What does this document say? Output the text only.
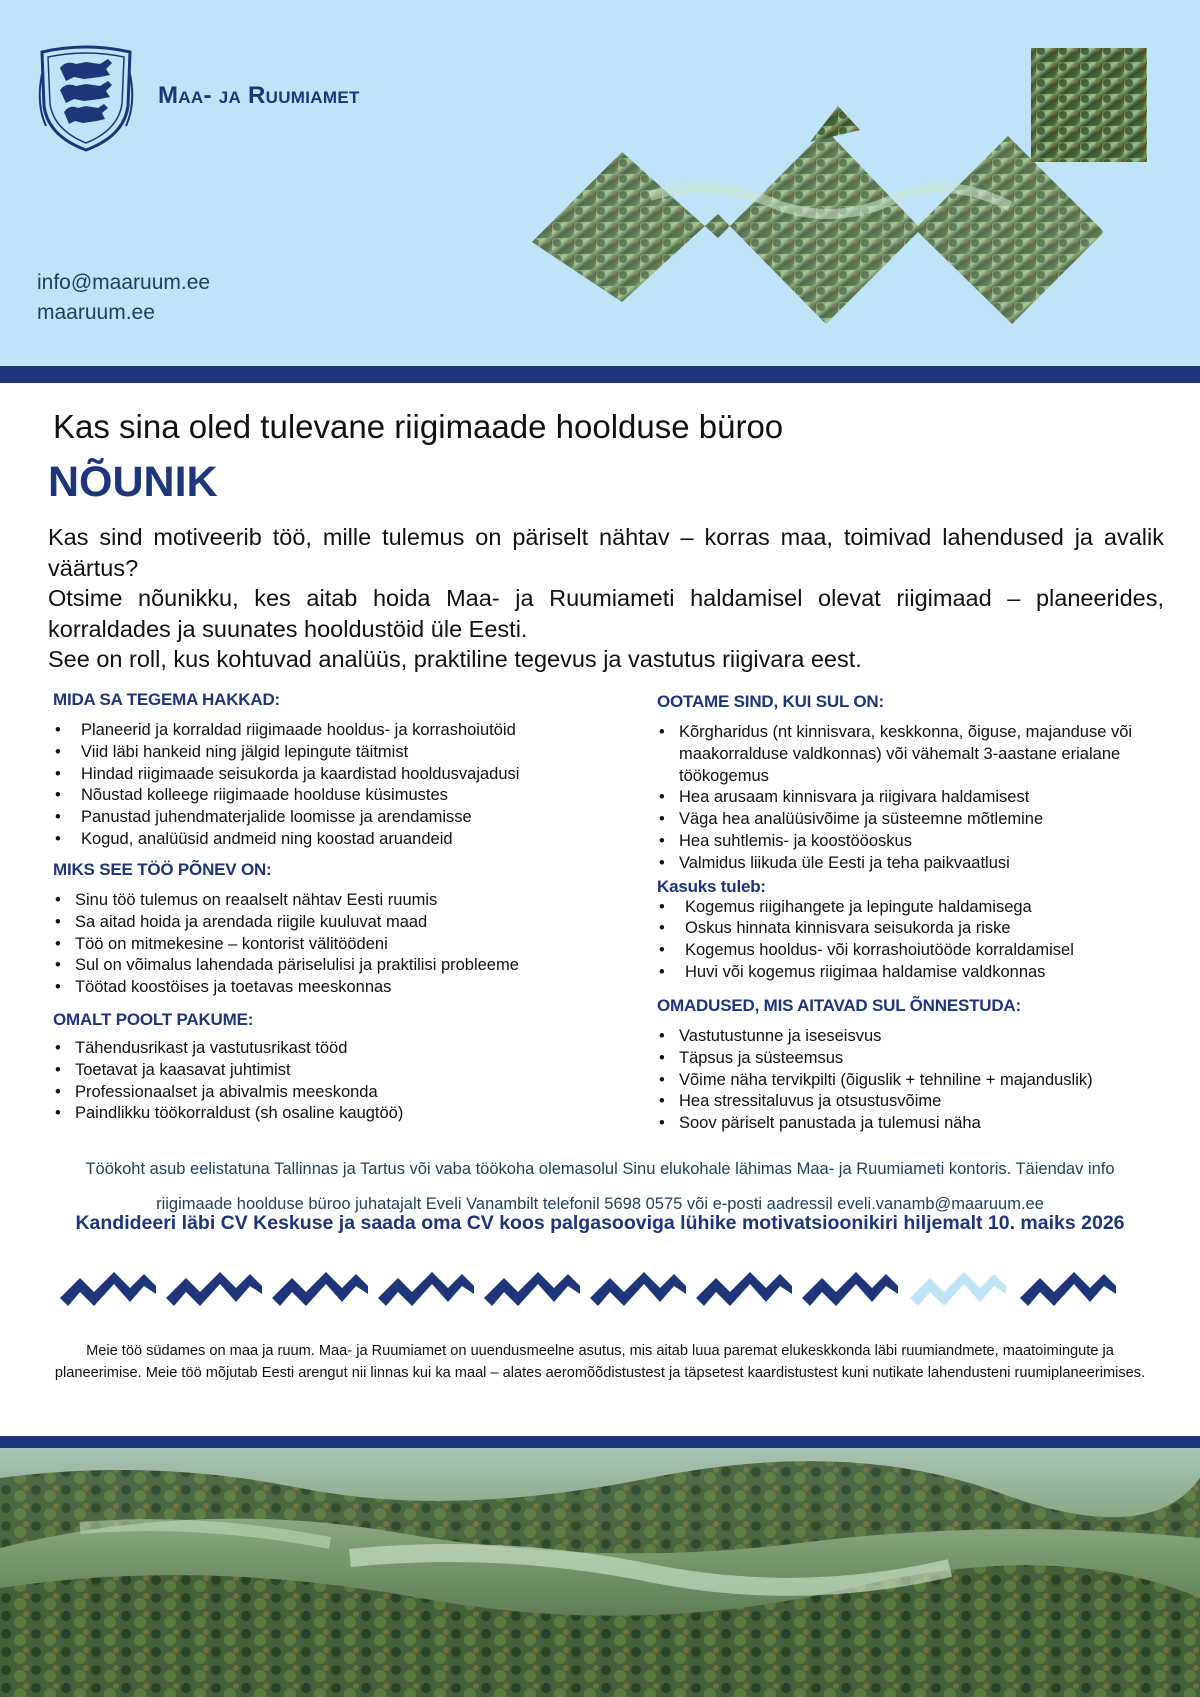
Maa- ja Ruumiamet
info@maaruum.ee
maaruum.ee
Kas sina oled tulevane riigimaade hoolduse büroo
NÕUNIK

Kas sind motiveerib töö, mille tulemus on päriselt nähtav – korras maa, toimivad lahendused ja avalik väärtus?

Otsime nõunikku, kes aitab hoida Maa- ja Ruumiameti haldamisel olevat riigimaad – planeerides, korraldades ja suunates hooldustöid üle Eesti.

See on roll, kus kohtuvad analüüs, praktiline tegevus ja vastutus riigivara eest.

MIDA SA TEGEMA HAKKAD:
• Planeerid ja korraldad riigimaade hooldus- ja korrashoiutöid
• Viid läbi hankeid ning jälgid lepingute täitmist
• Hindad riigimaade seisukorda ja kaardistad hooldusvajadusi
• Nõustad kolleege riigimaade hoolduse küsimustes
• Panustad juhendmaterjalide loomisse ja arendamisse
• Kogud, analüüsid andmeid ning koostad aruandeid
MIKS SEE TÖÖ PÕNEV ON:
• Sinu töö tulemus on reaalselt nähtav Eesti ruumis
• Sa aitad hoida ja arendada riigile kuuluvat maad
• Töö on mitmekesine – kontorist välitöödeni
• Sul on võimalus lahendada päriselulisi ja praktilisi probleeme
• Töötad koostöises ja toetavas meeskonnas
OMALT POOLT PAKUME:
• Tähendusrikast ja vastutusrikast tööd
• Toetavat ja kaasavat juhtimist
• Professionaalset ja abivalmis meeskonda
• Paindlikku töökorraldust (sh osaline kaugtöö)
OOTAME SIND, KUI SUL ON:
• Kõrgharidus (nt kinnisvara, keskkonna, õiguse, majanduse või maakorralduse valdkonnas) või vähemalt 3-aastane erialane töökogemus
• Hea arusaam kinnisvara ja riigivara haldamisest
• Väga hea analüüsivõime ja süsteemne mõtlemine
• Hea suhtlemis- ja koostööoskus
• Valmidus liikuda üle Eesti ja teha paikvaatlusi
Kasuks tuleb:
• Kogemus riigihangete ja lepingute haldamisega
• Oskus hinnata kinnisvara seisukorda ja riske
• Kogemus hooldus- või korrashoiutööde korraldamisel
• Huvi või kogemus riigimaa haldamise valdkonnas
OMADUSED, MIS AITAVAD SUL ÕNNESTUDA:
• Vastutustunne ja iseseisvus
• Täpsus ja süsteemsus
• Võime näha tervikpilti (õiguslik + tehniline + majanduslik)
• Hea stressitaluvus ja otsustusvõime
• Soov päriselt panustada ja tulemusi näha
Töökoht asub eelistatuna Tallinnas ja Tartus või vaba töökoha olemasolul Sinu elukohale lähimas Maa- ja Ruumiameti kontoris. Täiendav info
riigimaade hoolduse büroo juhatajalt Eveli Vanambilt telefonil 5698 0575 või e-posti aadressil eveli.vanamb@maaruum.ee
Kandideeri läbi CV Keskuse ja saada oma CV koos palgasooviga lühike motivatsioonikiri hiljemalt 10. maiks 2026
Meie töö südames on maa ja ruum. Maa- ja Ruumiamet on uuendusmeelne asutus, mis aitab luua paremat elukeskkonda läbi ruumiandmete, maatoimingute ja planeerimise. Meie töö mõjutab Eesti arengut nii linnas kui ka maal – alates aeromõõdistustest ja täpsetest kaardistustest kuni nutikate lahendusteni ruumiplaneerimises.
